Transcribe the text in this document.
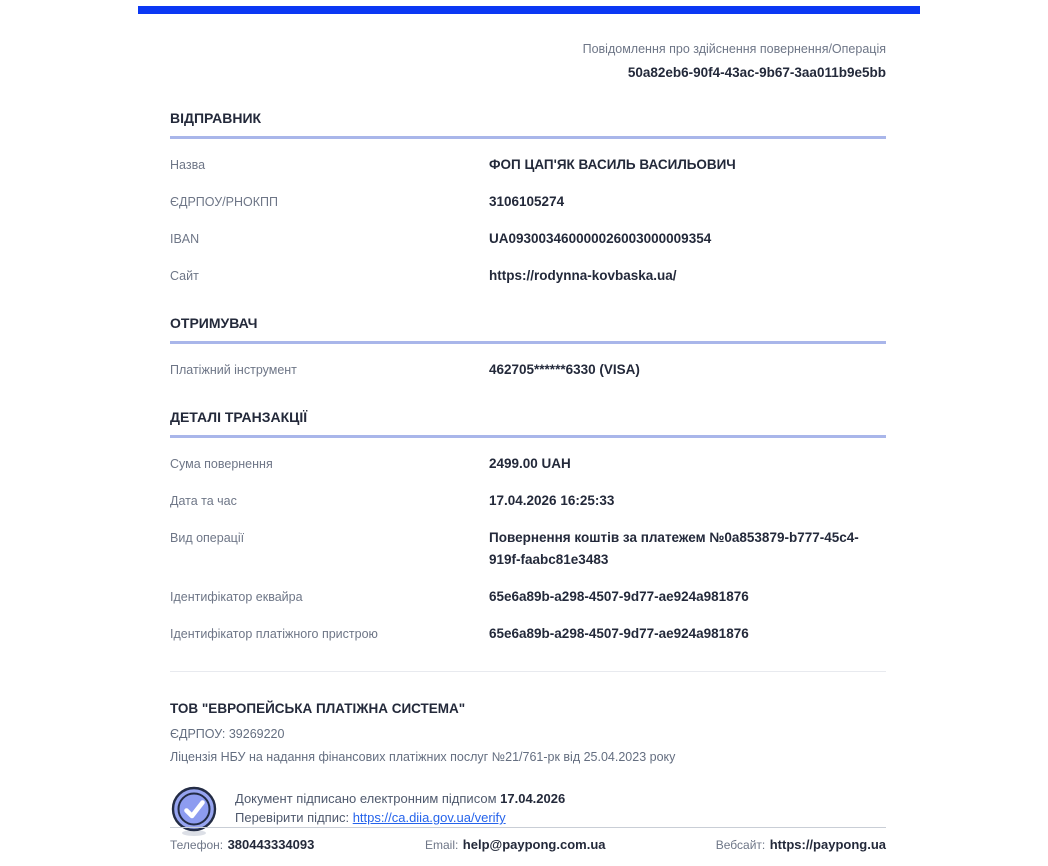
Повідомлення про здійснення повернення/Операція
50a82eb6-90f4-43ac-9b67-3aa011b9e5bb
ВІДПРАВНИК
Назва	ФОП ЦАП'ЯК ВАСИЛЬ ВАСИЛЬОВИЧ
ЄДРПОУ/РНОКПП	3106105274
IBAN	UA093003460000026003000009354
Сайт	https://rodynna-kovbaska.ua/
ОТРИМУВАЧ
Платіжний інструмент	462705******6330 (VISA)
ДЕТАЛІ ТРАНЗАКЦІЇ
Сума повернення	2499.00 UAH
Дата та час	17.04.2026 16:25:33
Вид операції	Повернення коштів за платежем №0a853879-b777-45c4-919f-faabc81e3483
Ідентифікатор еквайра	65e6a89b-a298-4507-9d77-ae924a981876
Ідентифікатор платіжного пристрою	65e6a89b-a298-4507-9d77-ae924a981876
ТОВ "ЕВРОПЕЙСЬКА ПЛАТІЖНА СИСТЕМА"
ЄДРПОУ: 39269220
Ліцензія НБУ на надання фінансових платіжних послуг №21/761-рк від 25.04.2023 року
Документ підписано електронним підписом 17.04.2026
Перевірити підпис: https://ca.diia.gov.ua/verify
Телефон: 380443334093	Email: help@paypong.com.ua	Вебсайт: https://paypong.ua
